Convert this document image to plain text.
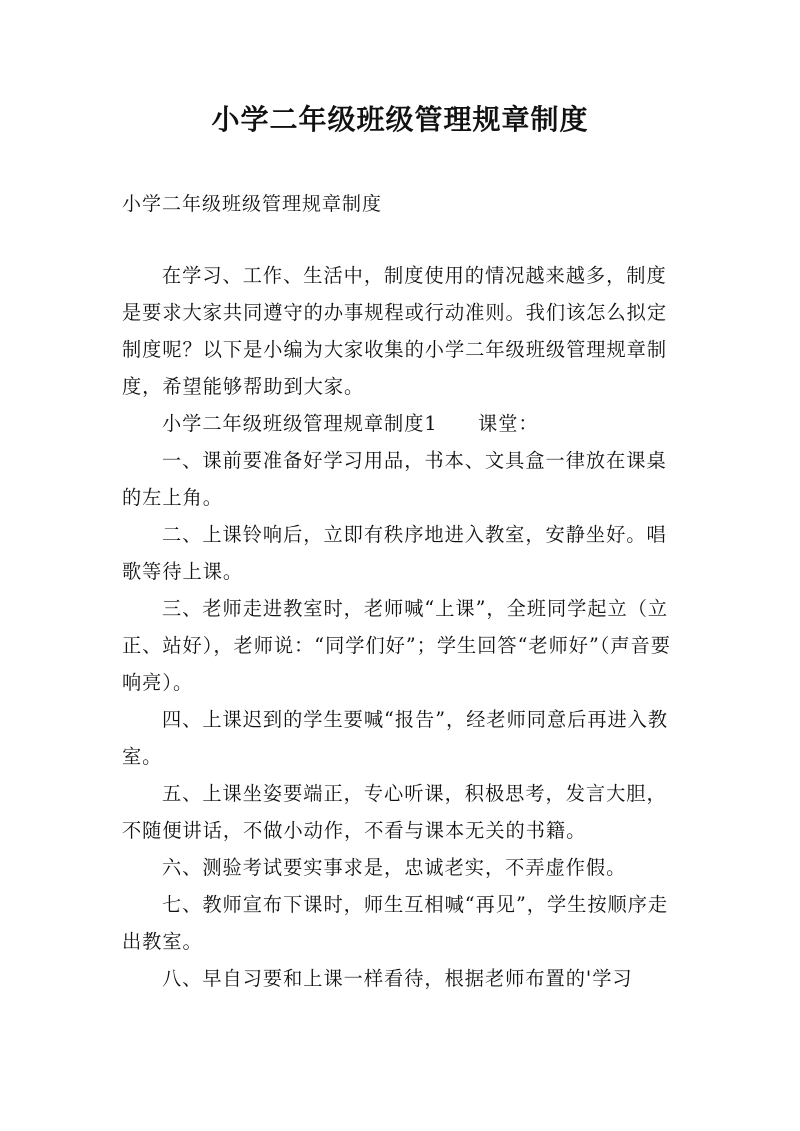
小学二年级班级管理规章制度
小学二年级班级管理规章制度

在学习、工作、生活中，制度使用的情况越来越多，制度是要求大家共同遵守的办事规程或行动准则。我们该怎么拟定制度呢？以下是小编为大家收集的小学二年级班级管理规章制度，希望能够帮助到大家。

小学二年级班级管理规章制度1　　课堂：

一、课前要准备好学习用品，书本、文具盒一律放在课桌的左上角。

二、上课铃响后，立即有秩序地进入教室，安静坐好。唱歌等待上课。

三、老师走进教室时，老师喊“上课”，全班同学起立（立正、站好），老师说：“同学们好”；学生回答“老师好”（声音要响亮）。

四、上课迟到的学生要喊“报告”，经老师同意后再进入教室。

五、上课坐姿要端正，专心听课，积极思考，发言大胆，不随便讲话，不做小动作，不看与课本无关的书籍。

六、测验考试要实事求是，忠诚老实，不弄虚作假。

七、教师宣布下课时，师生互相喊“再见”，学生按顺序走出教室。

八、早自习要和上课一样看待，根据老师布置的'学习
